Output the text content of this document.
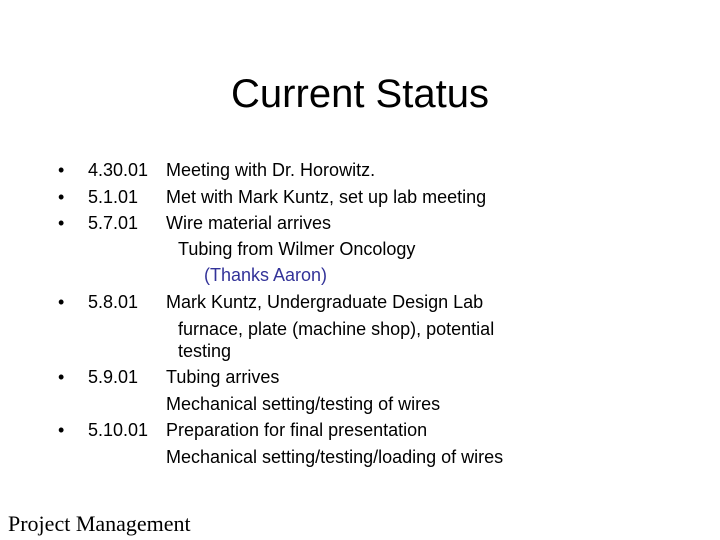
Current Status
• 4.30.01 Meeting with Dr. Horowitz.
• 5.1.01 Met with Mark Kuntz, set up lab meeting
• 5.7.01 Wire material arrives
Tubing from Wilmer Oncology
(Thanks Aaron)
• 5.8.01 Mark Kuntz, Undergraduate Design Lab
furnace, plate (machine shop), potential
testing
• 5.9.01 Tubing arrives
Mechanical setting/testing of wires
• 5.10.01 Preparation for final presentation
Mechanical setting/testing/loading of wires
Project Management
